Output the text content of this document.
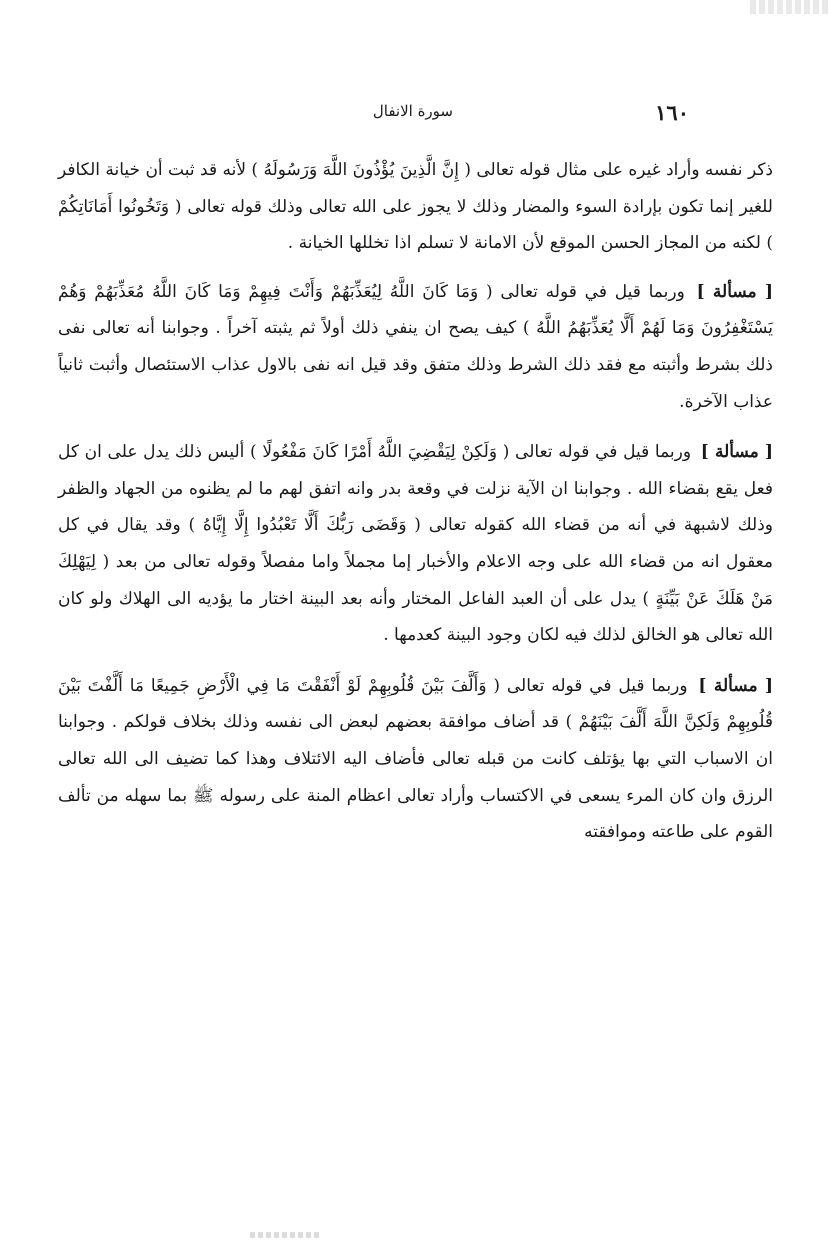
١٦٠
سورة الانفال

ذكر نفسه وأراد غيره على مثال قوله تعالى ( إِنَّ الَّذِينَ يُؤْذُونَ اللَّهَ وَرَسُولَهُ ) لأنه قد ثبت أن خيانة الكافر للغير إنما تكون بإرادة السوء والمضار وذلك لا يجوز على الله تعالى وذلك قوله تعالى ( وَتَخُونُوا أَمَانَاتِكُمْ ) لكنه من المجاز الحسن الموقع لأن الامانة لا تسلم اذا تخللها الخيانة .

[ مسألة ] وربما قيل في قوله تعالى ( وَمَا كَانَ اللَّهُ لِيُعَذِّبَهُمْ وَأَنْتَ فِيهِمْ وَمَا كَانَ اللَّهُ مُعَذِّبَهُمْ وَهُمْ يَسْتَغْفِرُونَ وَمَا لَهُمْ أَلَّا يُعَذِّبَهُمُ اللَّهُ ) كيف يصح ان ينفي ذلك أولاً ثم يثبته آخراً . وجوابنا أنه تعالى نفى ذلك بشرط وأثبته مع فقد ذلك الشرط وذلك متفق وقد قيل انه نفى بالاول عذاب الاستئصال وأثبت ثانياً عذاب الآخرة.

[ مسألة ] وربما قيل في قوله تعالى ( وَلَكِنْ لِيَقْضِيَ اللَّهُ أَمْرًا كَانَ مَفْعُولًا ) أليس ذلك يدل على ان كل فعل يقع بقضاء الله . وجوابنا ان الآية نزلت في وقعة بدر وانه اتفق لهم ما لم يظنوه من الجهاد والظفر وذلك لاشبهة في أنه من قضاء الله كقوله تعالى ( وَقَضَى رَبُّكَ أَلَّا تَعْبُدُوا إِلَّا إِيَّاهُ ) وقد يقال في كل معقول انه من قضاء الله على وجه الاعلام والأخبار إما مجملاً واما مفصلاً وقوله تعالى من بعد ( لِيَهْلِكَ مَنْ هَلَكَ عَنْ بَيِّنَةٍ ) يدل على أن العبد الفاعل المختار وأنه بعد البينة اختار ما يؤديه الى الهلاك ولو كان الله تعالى هو الخالق لذلك فيه لكان وجود البينة كعدمها .

[ مسألة ] وربما قيل في قوله تعالى ( وَأَلَّفَ بَيْنَ قُلُوبِهِمْ لَوْ أَنْفَقْتَ مَا فِي الْأَرْضِ جَمِيعًا مَا أَلَّفْتَ بَيْنَ قُلُوبِهِمْ وَلَكِنَّ اللَّهَ أَلَّفَ بَيْنَهُمْ ) قد أضاف موافقة بعضهم لبعض الى نفسه وذلك بخلاف قولكم . وجوابنا ان الاسباب التي بها يؤتلف كانت من قبله تعالى فأضاف اليه الائتلاف وهذا كما تضيف الى الله تعالى الرزق وان كان المرء يسعى في الاكتساب وأراد تعالى اعظام المنة على رسوله ﷺ بما سهله من تألف القوم على طاعته وموافقته
